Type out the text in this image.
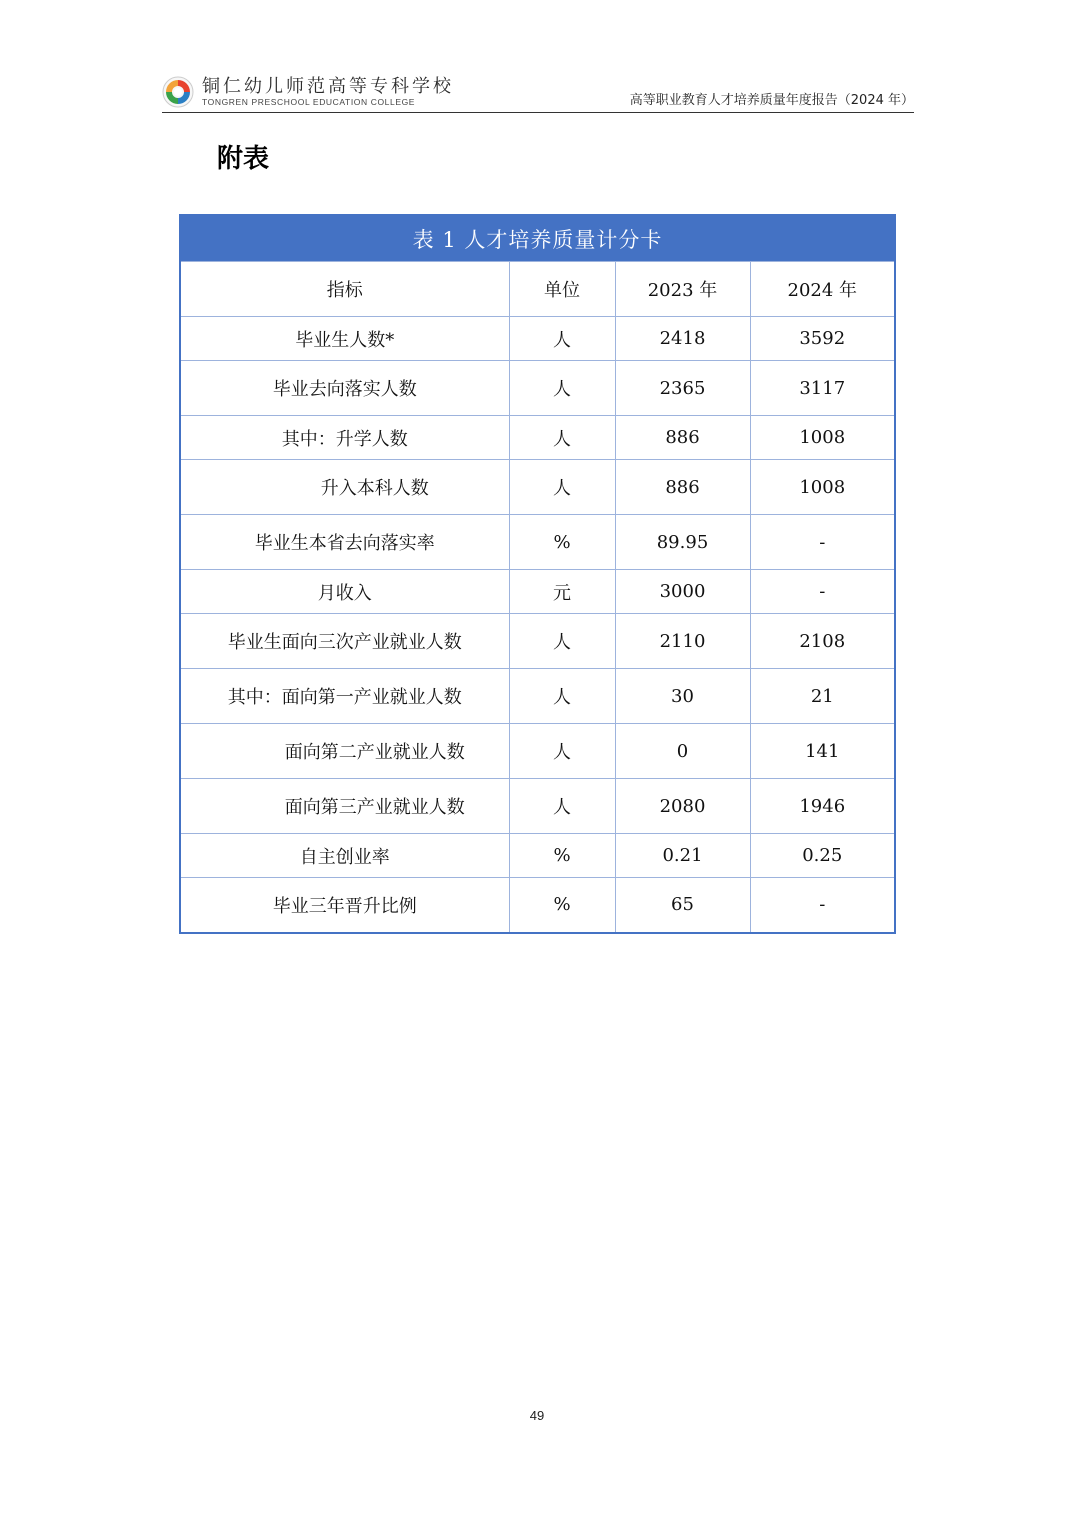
铜仁幼儿师范高等专科学校
TONGREN PRESCHOOL EDUCATION COLLEGE	高等职业教育人才培养质量年度报告（2024 年）
附表
表 1 人才培养质量计分卡			
指标	单位	2023 年	2024 年
毕业生人数*	人	2418	3592
毕业去向落实人数	人	2365	3117
其中：升学人数	人	886	1008
升入本科人数	人	886	1008
毕业生本省去向落实率	%	89.95	-
月收入	元	3000	-
毕业生面向三次产业就业人数	人	2110	2108
其中：面向第一产业就业人数	人	30	21
面向第二产业就业人数	人	0	141
面向第三产业就业人数	人	2080	1946
自主创业率	%	0.21	0.25
毕业三年晋升比例	%	65	-
49
